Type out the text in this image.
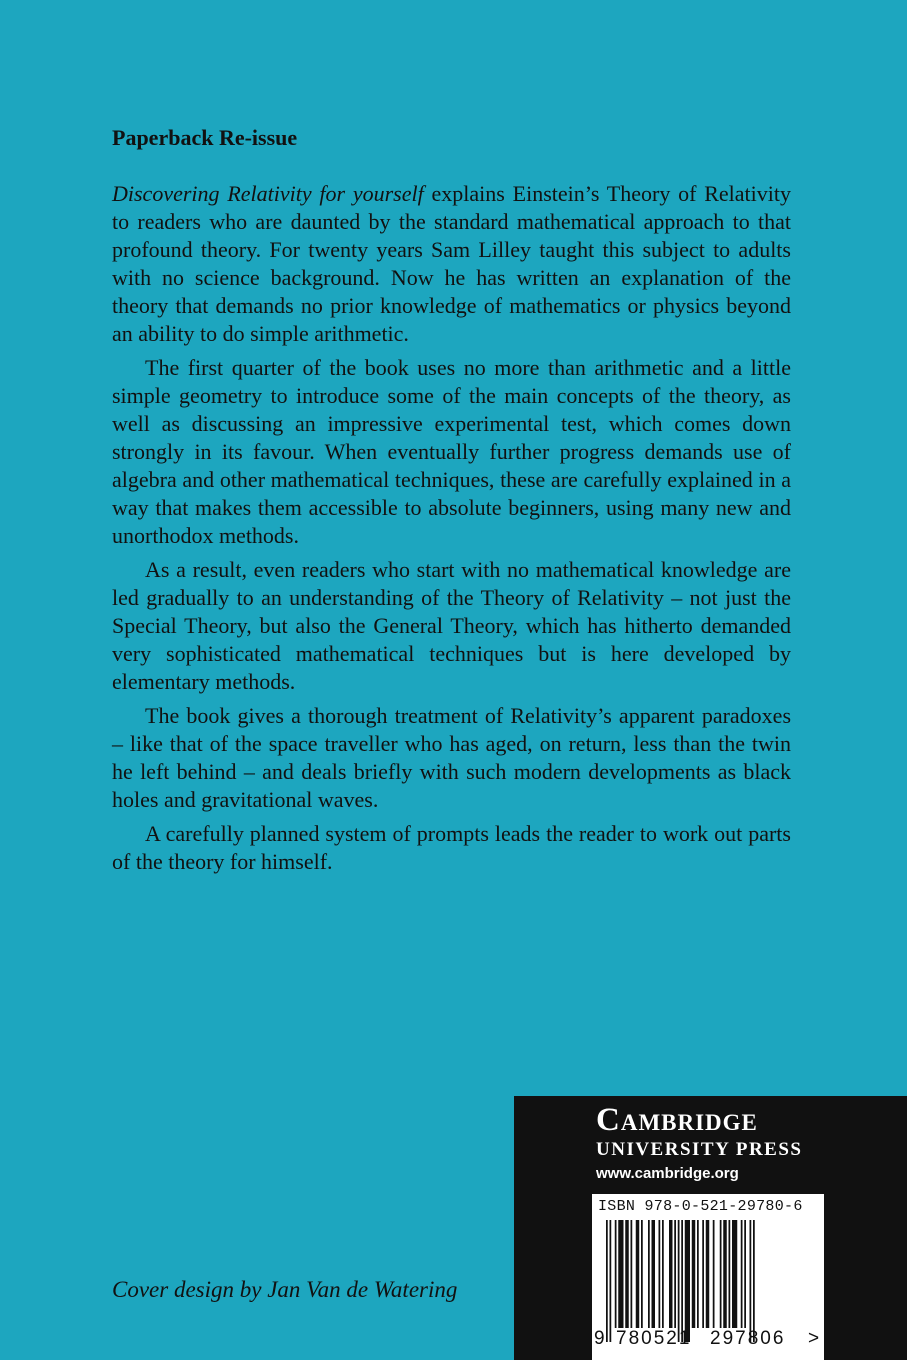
Paperback Re-issue

Discovering Relativity for yourself explains Einstein’s Theory of Relativity to readers who are daunted by the standard mathematical approach to that profound theory. For twenty years Sam Lilley taught this subject to adults with no science background. Now he has written an explanation of the theory that demands no prior knowledge of mathematics or physics beyond an ability to do simple arithmetic.

The first quarter of the book uses no more than arithmetic and a little simple geometry to introduce some of the main concepts of the theory, as well as discussing an impressive experimental test, which comes down strongly in its favour. When eventually further progress demands use of algebra and other mathematical techniques, these are carefully explained in a way that makes them accessible to absolute beginners, using many new and unorthodox methods.

As a result, even readers who start with no mathematical knowledge are led gradually to an understanding of the Theory of Relativity – not just the Special Theory, but also the General Theory, which has hitherto demanded very sophisticated mathematical techniques but is here developed by elementary methods.

The book gives a thorough treatment of Relativity’s apparent paradoxes – like that of the space traveller who has aged, on return, less than the twin he left behind – and deals briefly with such modern developments as black holes and gravitational waves.

A carefully planned system of prompts leads the reader to work out parts of the theory for himself.

Cover design by Jan Van de Watering
Cambridge
UNIVERSITY PRESS
www.cambridge.org
ISBN 978-0-521-29780-6
9 780521 297806 >
